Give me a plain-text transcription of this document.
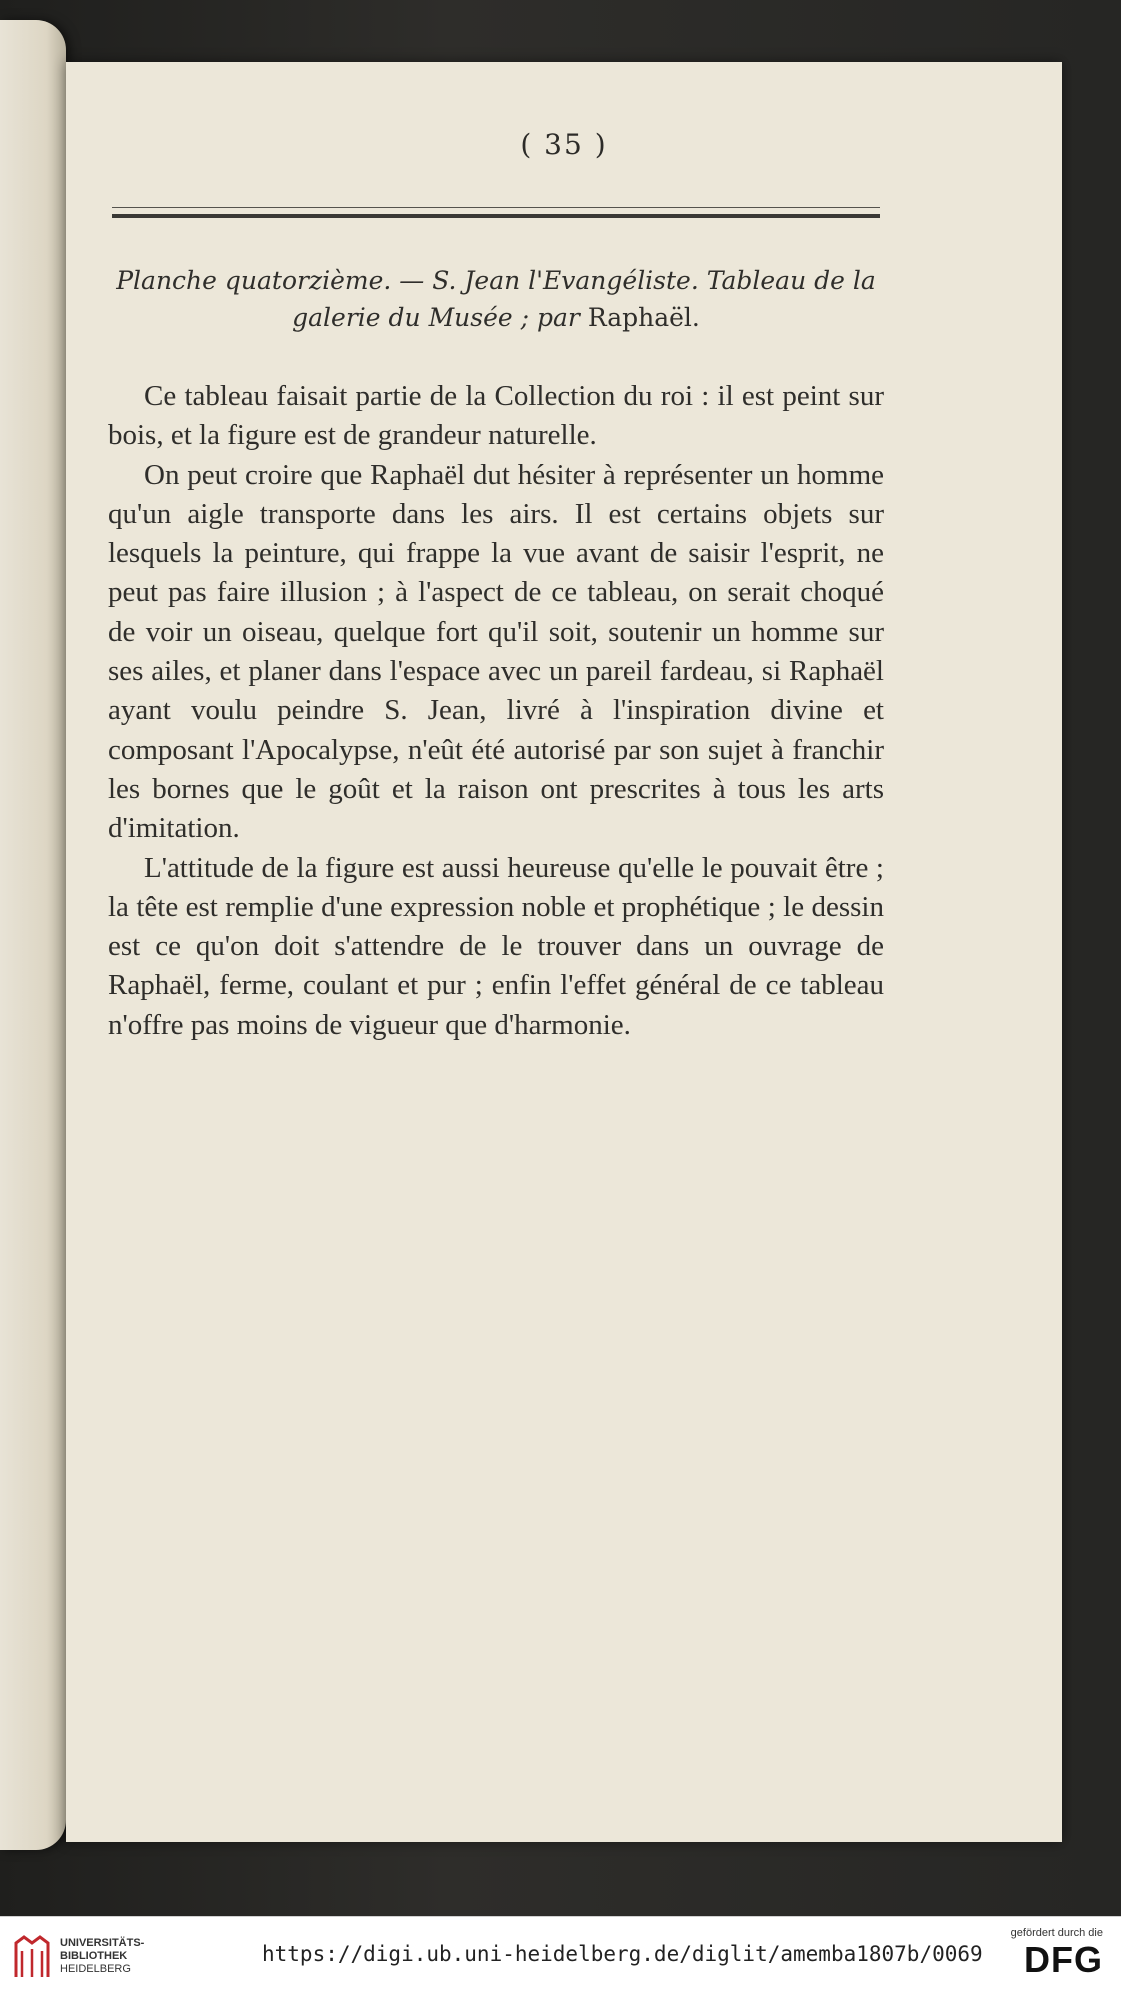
( 35 )
Planche quatorzième. — S. Jean l'Evangéliste. Tableau de la galerie du Musée ; par Raphaël.

Ce tableau faisait partie de la Collection du roi : il est peint sur bois, et la figure est de grandeur naturelle.

On peut croire que Raphaël dut hésiter à représenter un homme qu'un aigle transporte dans les airs. Il est certains objets sur lesquels la peinture, qui frappe la vue avant de saisir l'esprit, ne peut pas faire illusion ; à l'aspect de ce tableau, on serait choqué de voir un oiseau, quelque fort qu'il soit, soutenir un homme sur ses ailes, et planer dans l'espace avec un pareil fardeau, si Raphaël ayant voulu peindre S. Jean, livré à l'inspiration divine et composant l'Apocalypse, n'eût été autorisé par son sujet à franchir les bornes que le goût et la raison ont prescrites à tous les arts d'imitation.

L'attitude de la figure est aussi heureuse qu'elle le pouvait être ; la tête est remplie d'une expression noble et prophétique ; le dessin est ce qu'on doit s'attendre de le trouver dans un ouvrage de Raphaël, ferme, coulant et pur ; enfin l'effet général de ce tableau n'offre pas moins de vigueur que d'harmonie.

UNIVERSITÄTS-
BIBLIOTHEK
HEIDELBERG
https://digi.ub.uni-heidelberg.de/diglit/amemba1807b/0069
gefördert durch die
DFG
